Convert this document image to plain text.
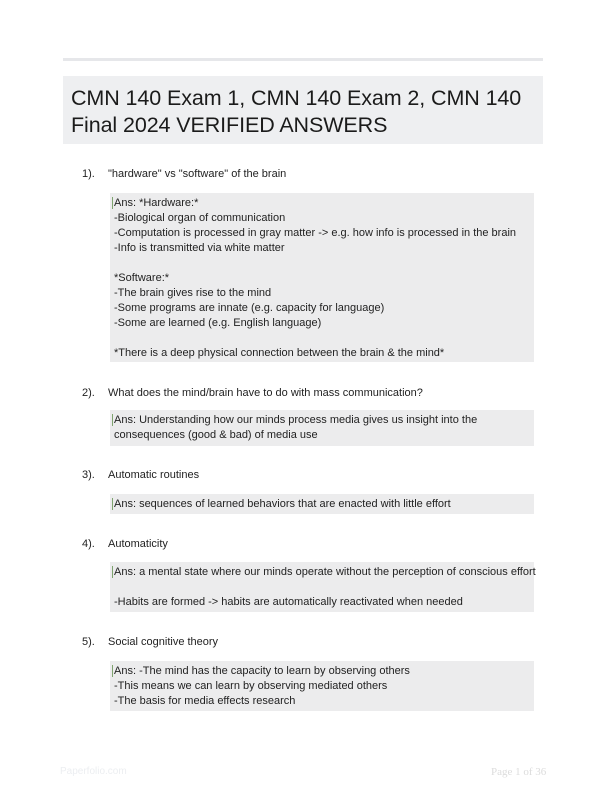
CMN 140 Exam 1, CMN 140 Exam 2, CMN 140
Final 2024 VERIFIED ANSWERS
1). "hardware" vs "software" of the brain
Ans: *Hardware:*
-Biological organ of communication
-Computation is processed in gray matter -> e.g. how info is processed in the brain
-Info is transmitted via white matter
*Software:*
-The brain gives rise to the mind
-Some programs are innate (e.g. capacity for language)
-Some are learned (e.g. English language)
*There is a deep physical connection between the brain & the mind*
2). What does the mind/brain have to do with mass communication?
Ans: Understanding how our minds process media gives us insight into the
consequences (good & bad) of media use
3). Automatic routines
Ans: sequences of learned behaviors that are enacted with little effort
4). Automaticity
Ans: a mental state where our minds operate without the perception of conscious effort
-Habits are formed -> habits are automatically reactivated when needed
5). Social cognitive theory
Ans: -The mind has the capacity to learn by observing others
-This means we can learn by observing mediated others
-The basis for media effects research
Paperfolio.com	Page 1 of 36
